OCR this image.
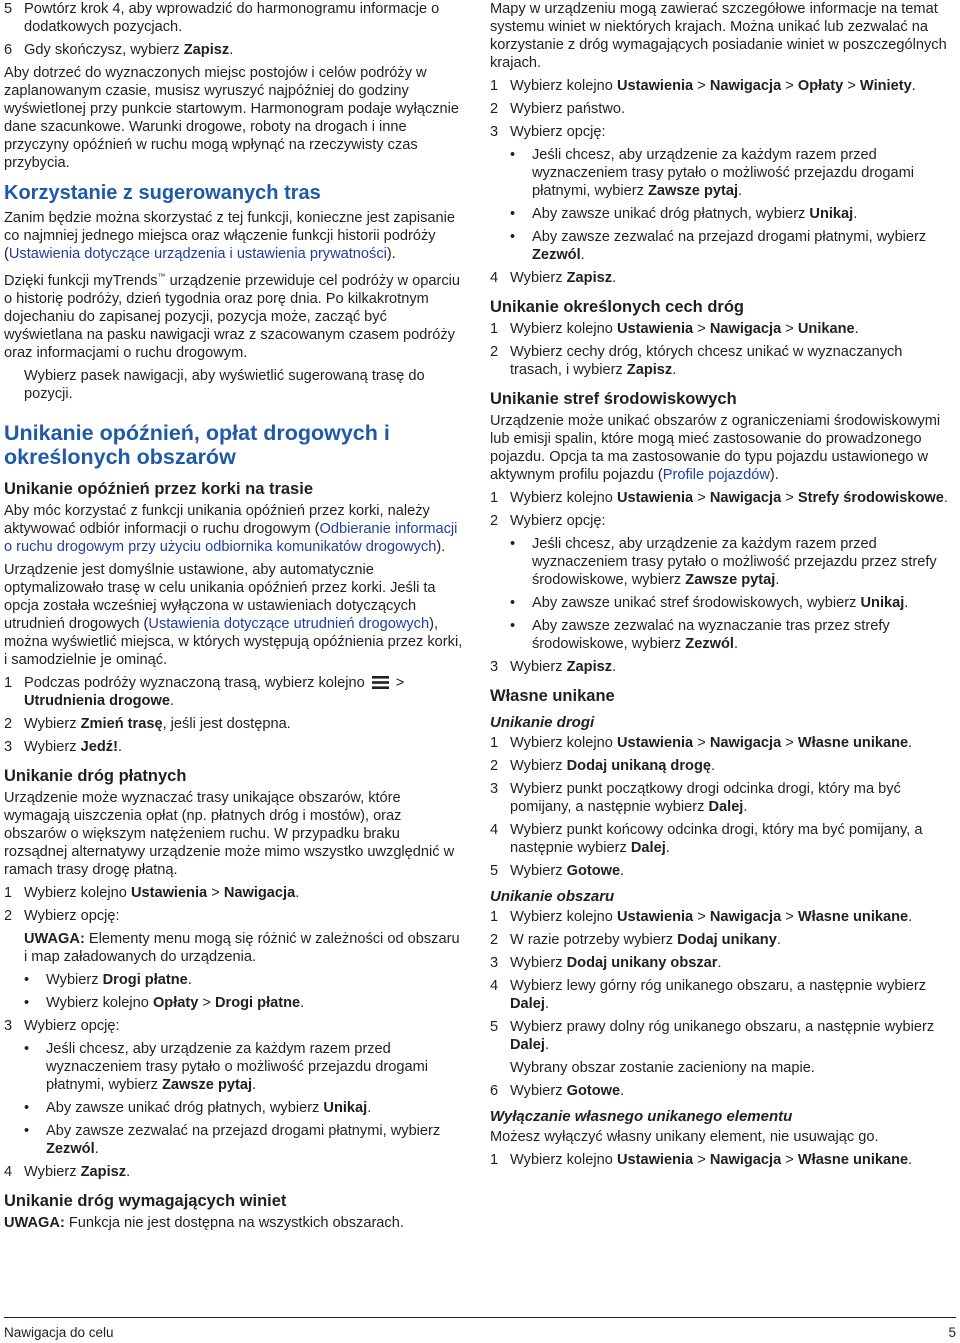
5 Powtórz krok 4, aby wprowadzić do harmonogramu informacje o dodatkowych pozycjach.
6 Gdy skończysz, wybierz Zapisz.

Aby dotrzeć do wyznaczonych miejsc postojów i celów podróży w zaplanowanym czasie, musisz wyruszyć najpóźniej do godziny wyświetlonej przy punkcie startowym. Harmonogram podaje wyłącznie dane szacunkowe. Warunki drogowe, roboty na drogach i inne przyczyny opóźnień w ruchu mogą wpłynąć na rzeczywisty czas przybycia.

Korzystanie z sugerowanych tras

Zanim będzie można skorzystać z tej funkcji, konieczne jest zapisanie co najmniej jednego miejsca oraz włączenie funkcji historii podróży (Ustawienia dotyczące urządzenia i ustawienia prywatności).

Dzięki funkcji myTrends™ urządzenie przewiduje cel podróży w oparciu o historię podróży, dzień tygodnia oraz porę dnia. Po kilkakrotnym dojechaniu do zapisanej pozycji, pozycja może, zacząć być wyświetlana na pasku nawigacji wraz z szacowanym czasem podróży oraz informacjami o ruchu drogowym.

Wybierz pasek nawigacji, aby wyświetlić sugerowaną trasę do pozycji.

Unikanie opóźnień, opłat drogowych i określonych obszarów
Unikanie opóźnień przez korki na trasie

Aby móc korzystać z funkcji unikania opóźnień przez korki, należy aktywować odbiór informacji o ruchu drogowym (Odbieranie informacji o ruchu drogowym przy użyciu odbiornika komunikatów drogowych).

Urządzenie jest domyślnie ustawione, aby automatycznie optymalizowało trasę w celu unikania opóźnień przez korki. Jeśli ta opcja została wcześniej wyłączona w ustawieniach dotyczących utrudnień drogowych (Ustawienia dotyczące utrudnień drogowych), można wyświetlić miejsca, w których występują opóźnienia przez korki, i samodzielnie je ominąć.

1 Podczas podróży wyznaczoną trasą, wybierz kolejno  > Utrudnienia drogowe.
2 Wybierz Zmień trasę, jeśli jest dostępna.
3 Wybierz Jedź!.
Unikanie dróg płatnych

Urządzenie może wyznaczać trasy unikające obszarów, które wymagają uiszczenia opłat (np. płatnych dróg i mostów), oraz obszarów o większym natężeniem ruchu. W przypadku braku rozsądnej alternatywy urządzenie może mimo wszystko uwzględnić w ramach trasy drogę płatną.

1 Wybierz kolejno Ustawienia > Nawigacja.
2 Wybierz opcję:

UWAGA: Elementy menu mogą się różnić w zależności od obszaru i map załadowanych do urządzenia.

•	Wybierz Drogi płatne.
•	Wybierz kolejno Opłaty > Drogi płatne.
3 Wybierz opcję:
•	Jeśli chcesz, aby urządzenie za każdym razem przed wyznaczeniem trasy pytało o możliwość przejazdu drogami płatnymi, wybierz Zawsze pytaj.
•	Aby zawsze unikać dróg płatnych, wybierz Unikaj.
•	Aby zawsze zezwalać na przejazd drogami płatnymi, wybierz Zezwól.
4 Wybierz Zapisz.
Unikanie dróg wymagających winiet

UWAGA: Funkcja nie jest dostępna na wszystkich obszarach.

Mapy w urządzeniu mogą zawierać szczegółowe informacje na temat systemu winiet w niektórych krajach. Można unikać lub zezwalać na korzystanie z dróg wymagających posiadanie winiet w poszczególnych krajach.

1 Wybierz kolejno Ustawienia > Nawigacja > Opłaty > Winiety.
2 Wybierz państwo.
3 Wybierz opcję:
•	Jeśli chcesz, aby urządzenie za każdym razem przed wyznaczeniem trasy pytało o możliwość przejazdu drogami płatnymi, wybierz Zawsze pytaj.
•	Aby zawsze unikać dróg płatnych, wybierz Unikaj.
•	Aby zawsze zezwalać na przejazd drogami płatnymi, wybierz Zezwól.
4 Wybierz Zapisz.
Unikanie określonych cech dróg
1 Wybierz kolejno Ustawienia > Nawigacja > Unikane.
2 Wybierz cechy dróg, których chcesz unikać w wyznaczanych trasach, i wybierz Zapisz.
Unikanie stref środowiskowych

Urządzenie może unikać obszarów z ograniczeniami środowiskowymi lub emisji spalin, które mogą mieć zastosowanie do prowadzonego pojazdu. Opcja ta ma zastosowanie do typu pojazdu ustawionego w aktywnym profilu pojazdu (Profile pojazdów).

1 Wybierz kolejno Ustawienia > Nawigacja > Strefy środowiskowe.
2 Wybierz opcję:
•	Jeśli chcesz, aby urządzenie za każdym razem przed wyznaczeniem trasy pytało o możliwość przejazdu przez strefy środowiskowe, wybierz Zawsze pytaj.
•	Aby zawsze unikać stref środowiskowych, wybierz Unikaj.
•	Aby zawsze zezwalać na wyznaczanie tras przez strefy środowiskowe, wybierz Zezwól.
3 Wybierz Zapisz.
Własne unikane
Unikanie drogi
1 Wybierz kolejno Ustawienia > Nawigacja > Własne unikane.
2 Wybierz Dodaj unikaną drogę.
3 Wybierz punkt początkowy drogi odcinka drogi, który ma być pomijany, a następnie wybierz Dalej.
4 Wybierz punkt końcowy odcinka drogi, który ma być pomijany, a następnie wybierz Dalej.
5 Wybierz Gotowe.
Unikanie obszaru
1 Wybierz kolejno Ustawienia > Nawigacja > Własne unikane.
2 W razie potrzeby wybierz Dodaj unikany.
3 Wybierz Dodaj unikany obszar.
4 Wybierz lewy górny róg unikanego obszaru, a następnie wybierz Dalej.
5 Wybierz prawy dolny róg unikanego obszaru, a następnie wybierz Dalej.

Wybrany obszar zostanie zacieniony na mapie.

6 Wybierz Gotowe.
Wyłączanie własnego unikanego elementu

Możesz wyłączyć własny unikany element, nie usuwając go.

1 Wybierz kolejno Ustawienia > Nawigacja > Własne unikane.
Nawigacja do celu	5
